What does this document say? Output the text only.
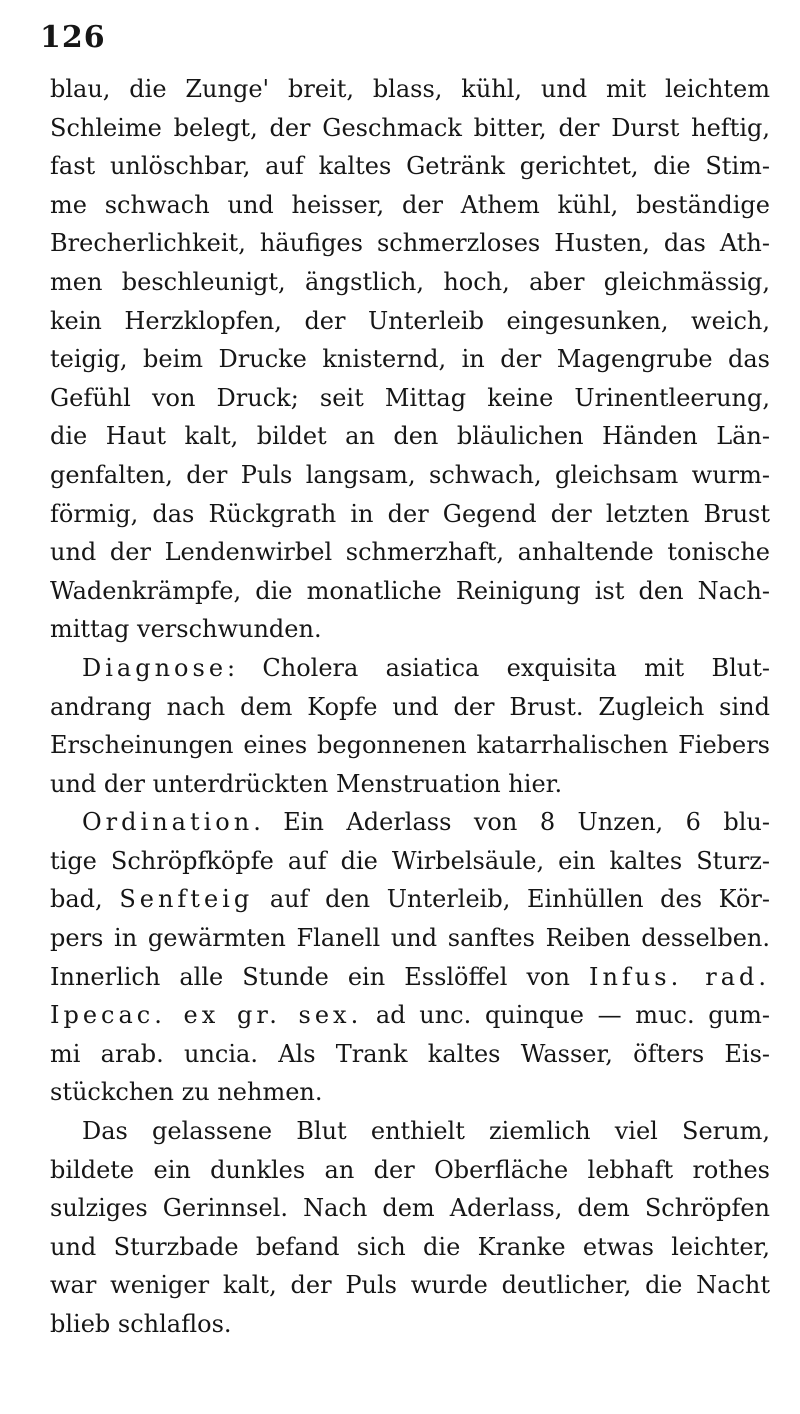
126
blau, die Zunge' breit, blass, kühl, und mit leichtem
Schleime belegt, der Geschmack bitter, der Durst heftig,
fast unlöschbar, auf kaltes Getränk gerichtet, die Stim-
me schwach und heisser, der Athem kühl, beständige
Brecherlichkeit, häufiges schmerzloses Husten, das Ath-
men beschleunigt, ängstlich, hoch, aber gleichmässig,
kein Herzklopfen, der Unterleib eingesunken, weich,
teigig, beim Drucke knisternd, in der Magengrube das
Gefühl von Druck; seit Mittag keine Urinentleerung,
die Haut kalt, bildet an den bläulichen Händen Län-
genfalten, der Puls langsam, schwach, gleichsam wurm-
förmig, das Rückgrath in der Gegend der letzten Brust
und der Lendenwirbel schmerzhaft, anhaltende tonische
Wadenkrämpfe, die monatliche Reinigung ist den Nach-
mittag verschwunden.
Diagnose: Cholera asiatica exquisita mit Blut-
andrang nach dem Kopfe und der Brust. Zugleich sind
Erscheinungen eines begonnenen katarrhalischen Fiebers
und der unterdrückten Menstruation hier.
Ordination. Ein Aderlass von 8 Unzen, 6 blu-
tige Schröpfköpfe auf die Wirbelsäule, ein kaltes Sturz-
bad, Senfteig auf den Unterleib, Einhüllen des Kör-
pers in gewärmten Flanell und sanftes Reiben desselben.
Innerlich alle Stunde ein Esslöffel von Infus. rad.
Ipecac. ex gr. sex. ad unc. quinque — muc. gum-
mi arab. uncia. Als Trank kaltes Wasser, öfters Eis-
stückchen zu nehmen.
Das gelassene Blut enthielt ziemlich viel Serum,
bildete ein dunkles an der Oberfläche lebhaft rothes
sulziges Gerinnsel. Nach dem Aderlass, dem Schröpfen
und Sturzbade befand sich die Kranke etwas leichter,
war weniger kalt, der Puls wurde deutlicher, die Nacht
blieb schlaflos.
